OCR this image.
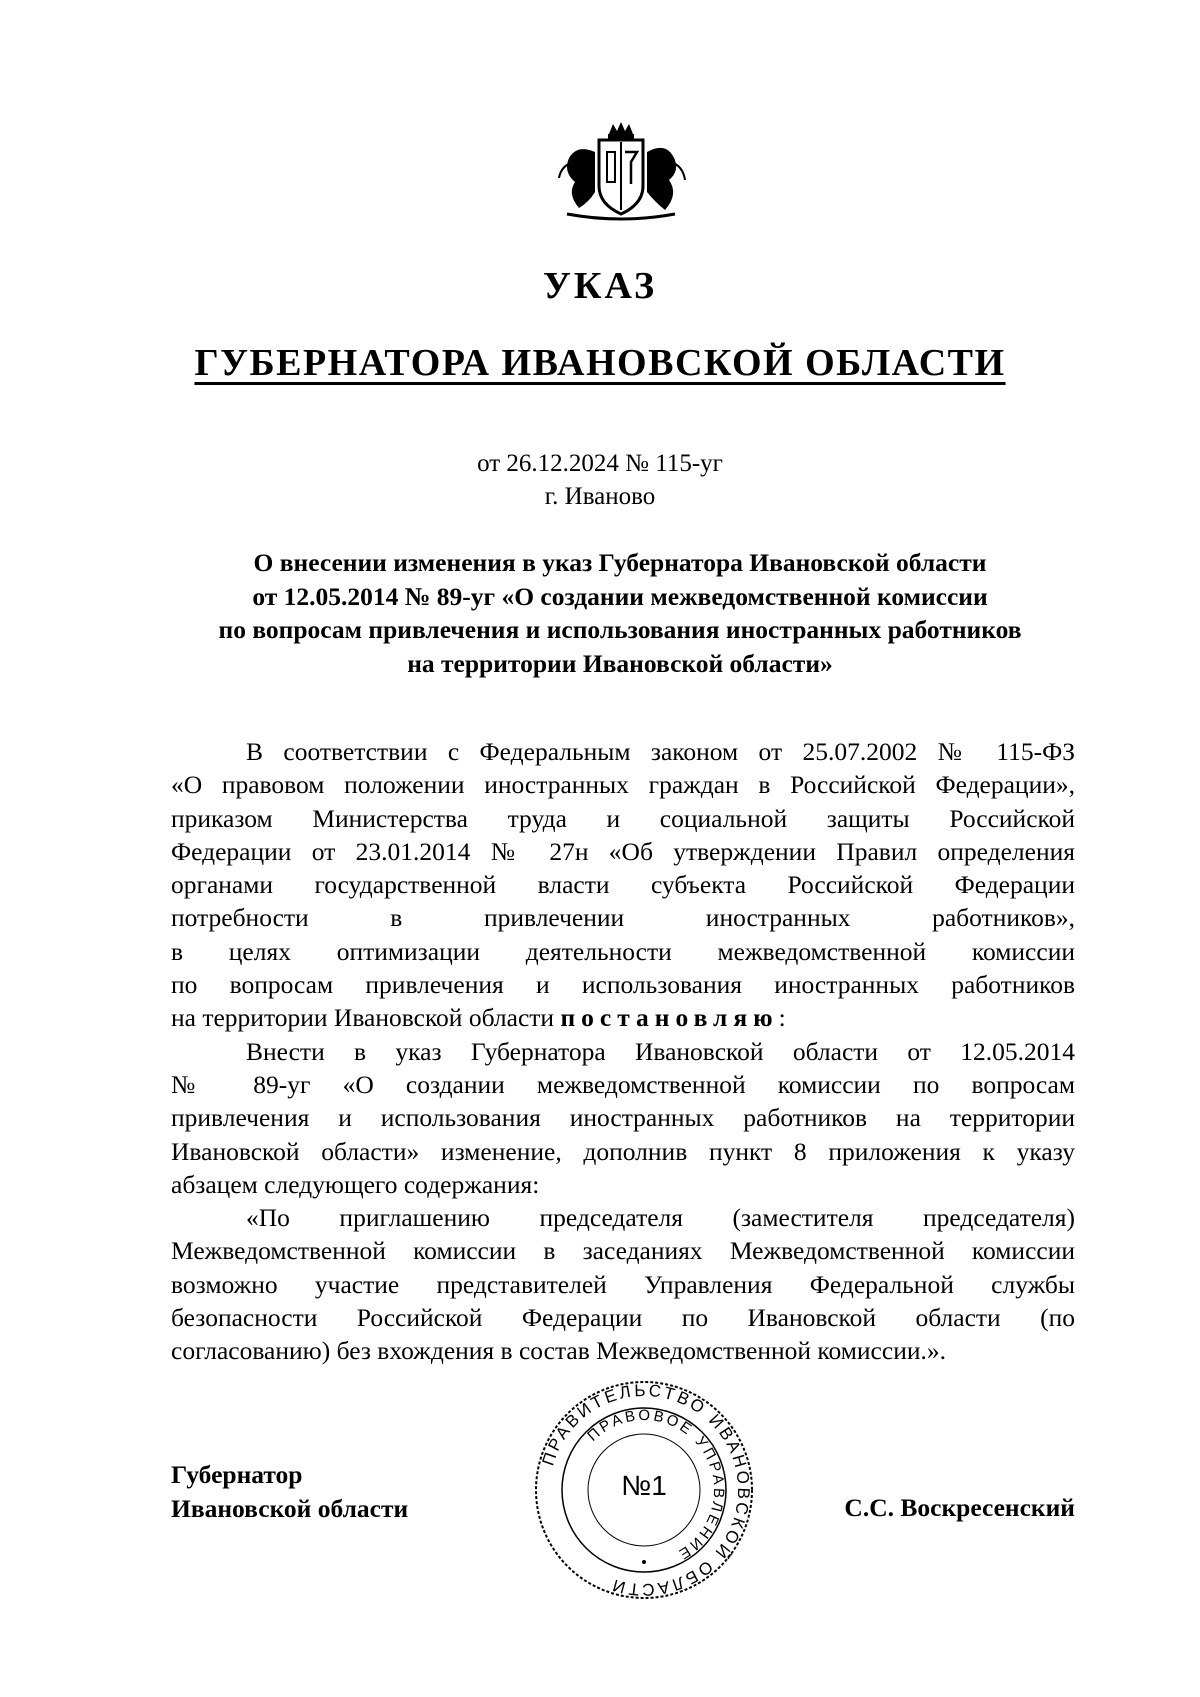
УКАЗ
ГУБЕРНАТОРА ИВАНОВСКОЙ ОБЛАСТИ
от 26.12.2024 № 115-уг
г. Иваново
О внесении изменения в указ Губернатора Ивановской области
от 12.05.2014 № 89-уг «О создании межведомственной комиссии
по вопросам привлечения и использования иностранных работников
на территории Ивановской области»
В соответствии с Федеральным законом от 25.07.2002 № 115-ФЗ
«О правовом положении иностранных граждан в Российской Федерации»,
приказом Министерства труда и социальной защиты Российской
Федерации от 23.01.2014 № 27н «Об утверждении Правил определения
органами государственной власти субъекта Российской Федерации
потребности в привлечении иностранных работников»,
в целях оптимизации деятельности межведомственной комиссии
по вопросам привлечения и использования иностранных работников
на территории Ивановской области постановляю:
Внести в указ Губернатора Ивановской области от 12.05.2014
№ 89-уг «О создании межведомственной комиссии по вопросам
привлечения и использования иностранных работников на территории
Ивановской области» изменение, дополнив пункт 8 приложения к указу
абзацем следующего содержания:
«По приглашению председателя (заместителя председателя)
Межведомственной комиссии в заседаниях Межведомственной комиссии
возможно участие представителей Управления Федеральной службы
безопасности Российской Федерации по Ивановской области (по
согласованию) без вхождения в состав Межведомственной комиссии.».
Губернатор
Ивановской области	С.С. Воскресенский
ПРАВИТЕЛЬСТВО ИВАНОВСКОЙ ОБЛАСТИ
ПРАВОВОЕ УПРАВЛЕНИЕ
№1
